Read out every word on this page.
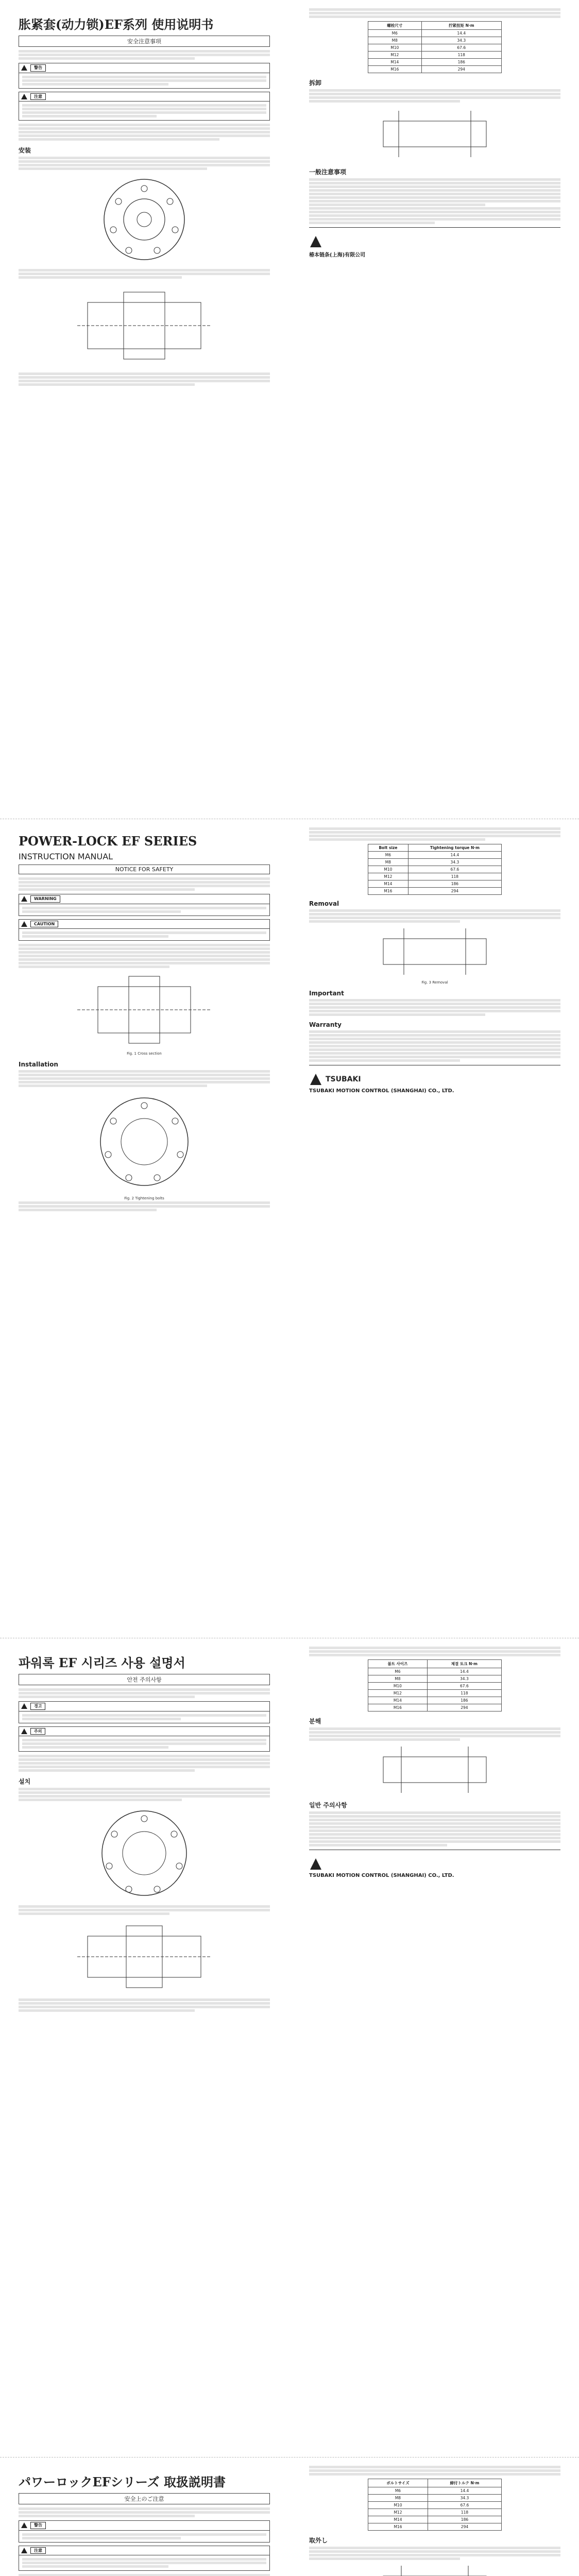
胀紧套(动力锁)EF系列 使用说明书
安全注意事项
警告
注意
安装
螺栓尺寸	拧紧扭矩 N·m
M6	14.4
M8	34.3
M10	67.6
M12	118
M14	186
M16	294
拆卸
一般注意事项
椿本链条(上海)有限公司
POWER-LOCK EF SERIES
INSTRUCTION MANUAL
NOTICE FOR SAFETY
WARNING
CAUTION
Fig. 1 Cross section
Installation
Fig. 2 Tightening bolts
Bolt size	Tightening torque N·m
M6	14.4
M8	34.3
M10	67.6
M12	118
M14	186
M16	294
Removal
Fig. 3 Removal
Important
Warranty
TSUBAKI
TSUBAKI MOTION CONTROL (SHANGHAI) CO., LTD.
파워록 EF 시리즈 사용 설명서
안전 주의사항
경고
주의
설치
볼트 사이즈	체결 토크 N·m
M6	14.4
M8	34.3
M10	67.6
M12	118
M14	186
M16	294
분해
일반 주의사항
TSUBAKI MOTION CONTROL (SHANGHAI) CO., LTD.
パワーロックEFシリーズ 取扱説明書
安全上のご注意
警告
注意
ボルトサイズ	締付トルク N·m
M6	14.4
M8	34.3
M10	67.6
M12	118
M14	186
M16	294
取外し
